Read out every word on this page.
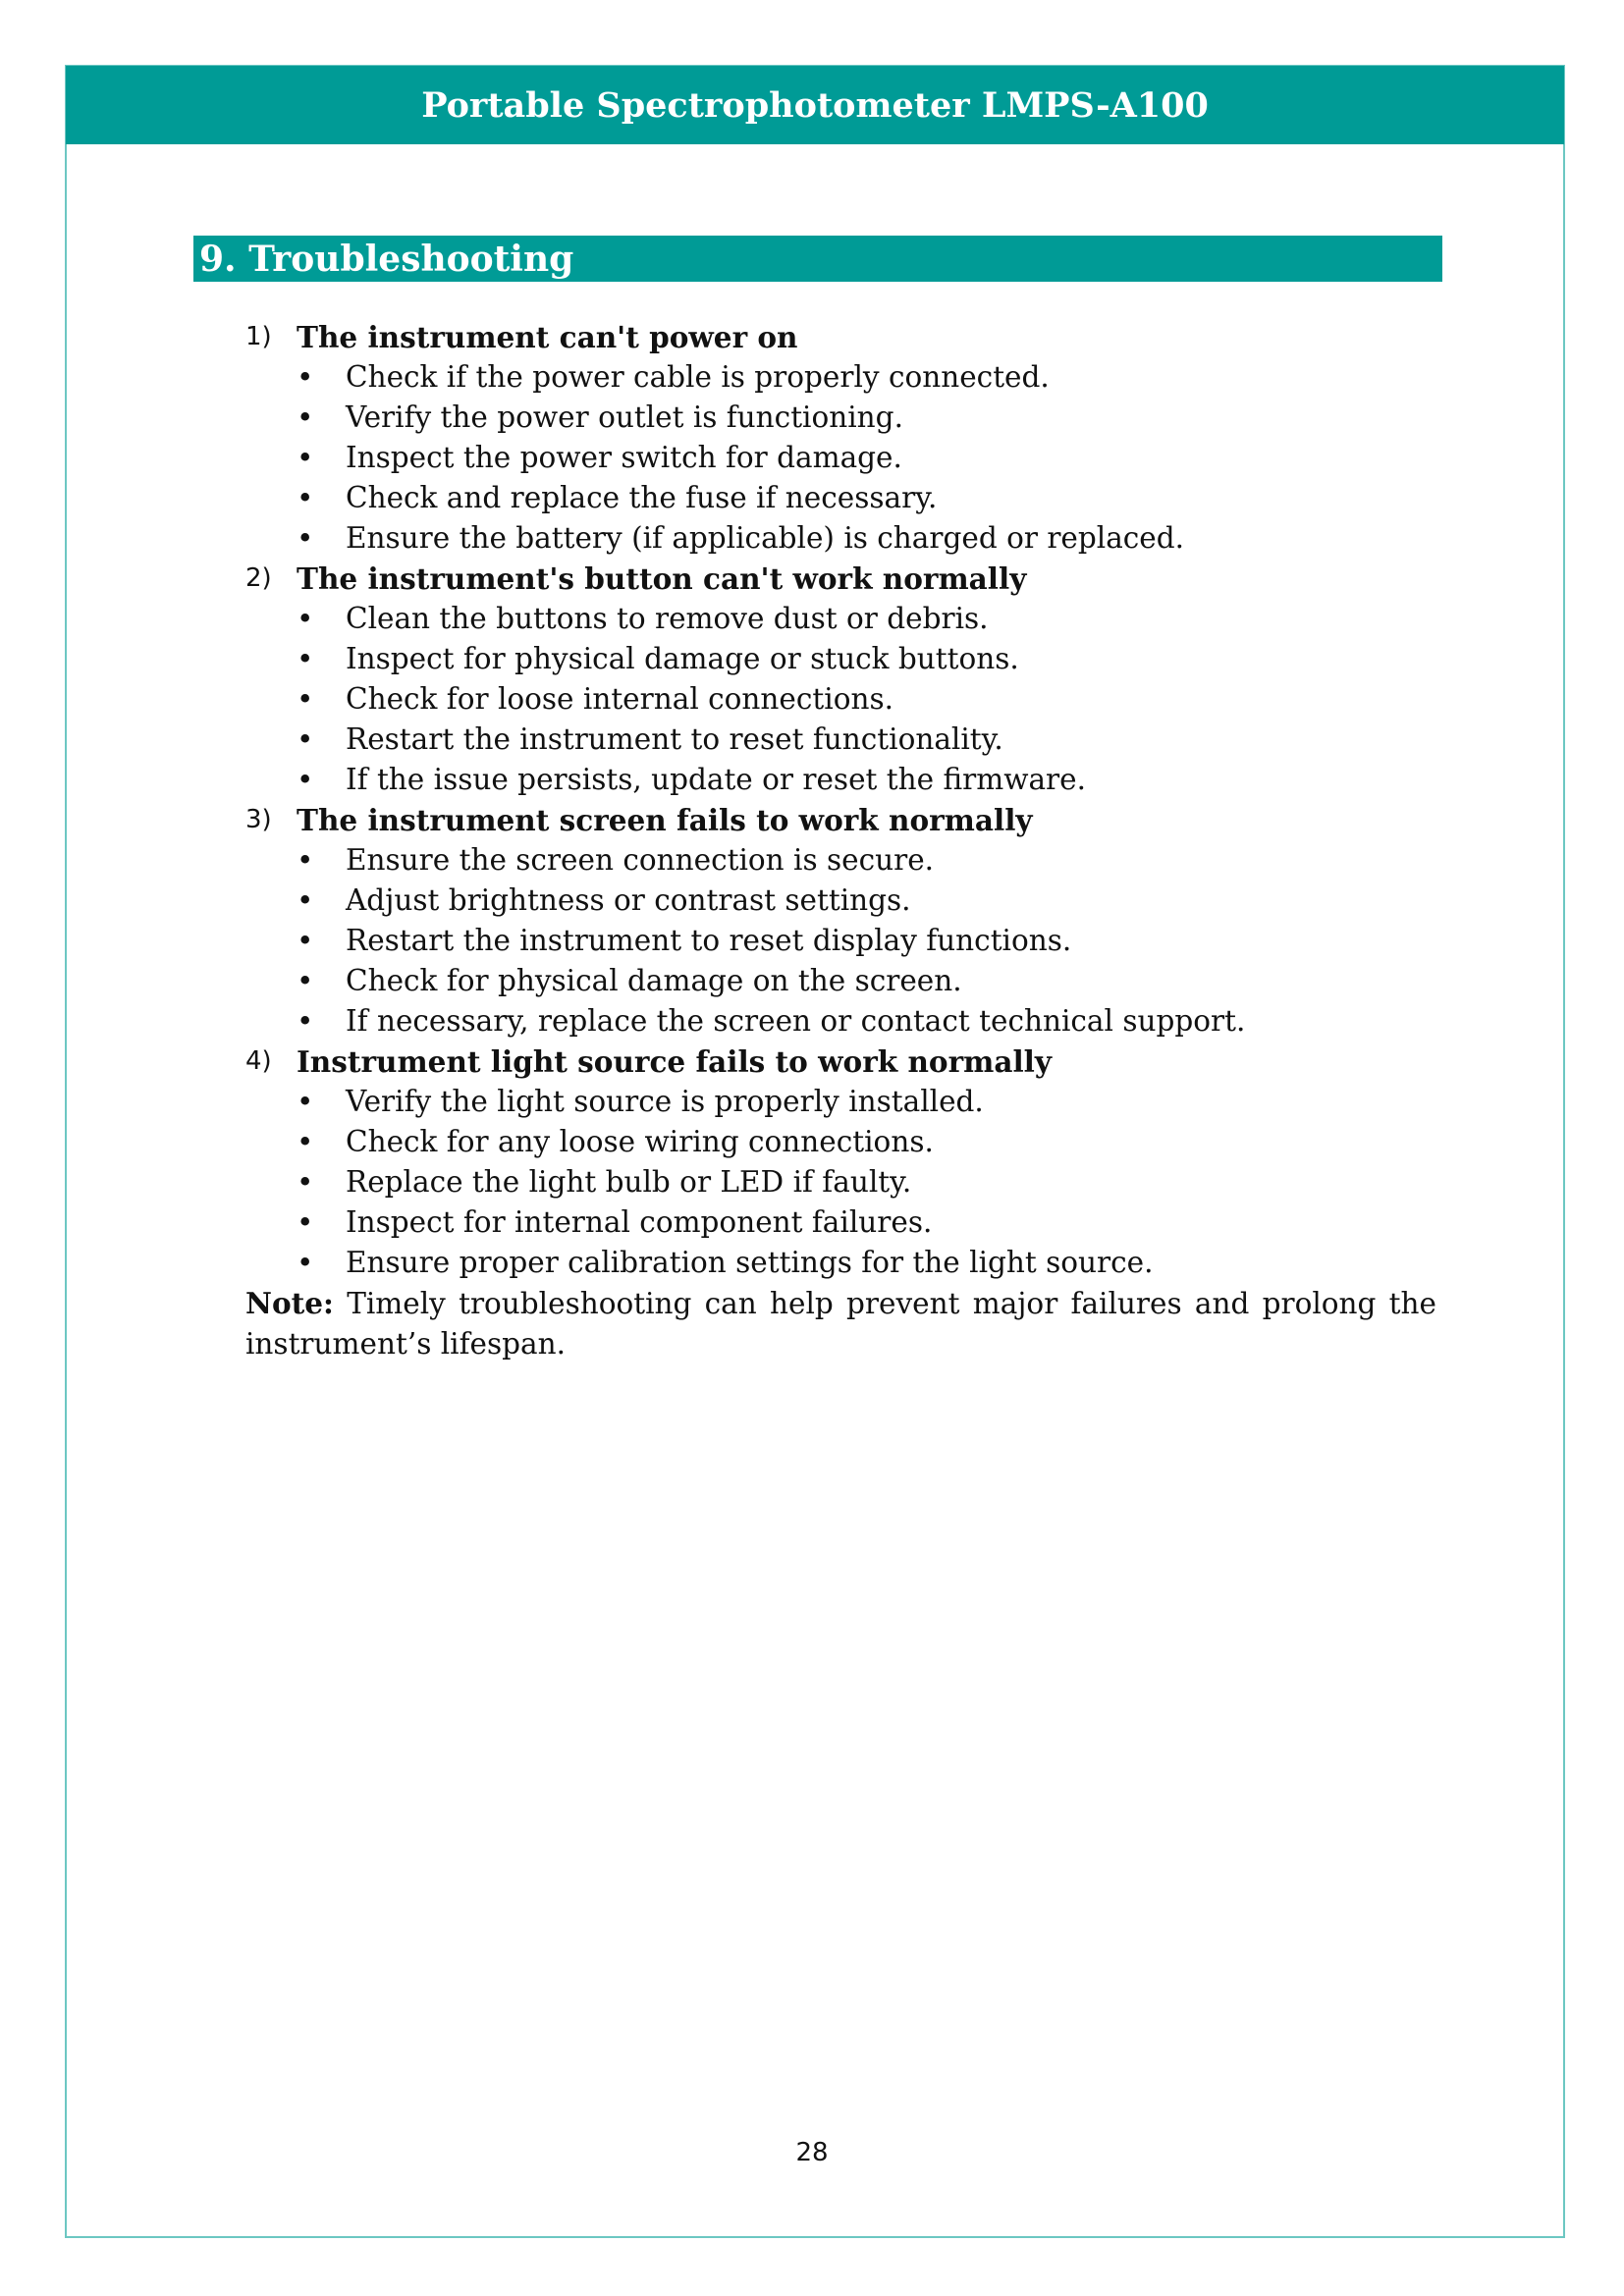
Portable Spectrophotometer LMPS-A100
9. Troubleshooting
1) The instrument can't power on
•	Check if the power cable is properly connected.
•	Verify the power outlet is functioning.
•	Inspect the power switch for damage.
•	Check and replace the fuse if necessary.
•	Ensure the battery (if applicable) is charged or replaced.
2) The instrument's button can't work normally
•	Clean the buttons to remove dust or debris.
•	Inspect for physical damage or stuck buttons.
•	Check for loose internal connections.
•	Restart the instrument to reset functionality.
•	If the issue persists, update or reset the firmware.
3) The instrument screen fails to work normally
•	Ensure the screen connection is secure.
•	Adjust brightness or contrast settings.
•	Restart the instrument to reset display functions.
•	Check for physical damage on the screen.
•	If necessary, replace the screen or contact technical support.
4) Instrument light source fails to work normally
•	Verify the light source is properly installed.
•	Check for any loose wiring connections.
•	Replace the light bulb or LED if faulty.
•	Inspect for internal component failures.
•	Ensure proper calibration settings for the light source.

Note: Timely troubleshooting can help prevent major failures and prolong the instrument’s lifespan.

28
